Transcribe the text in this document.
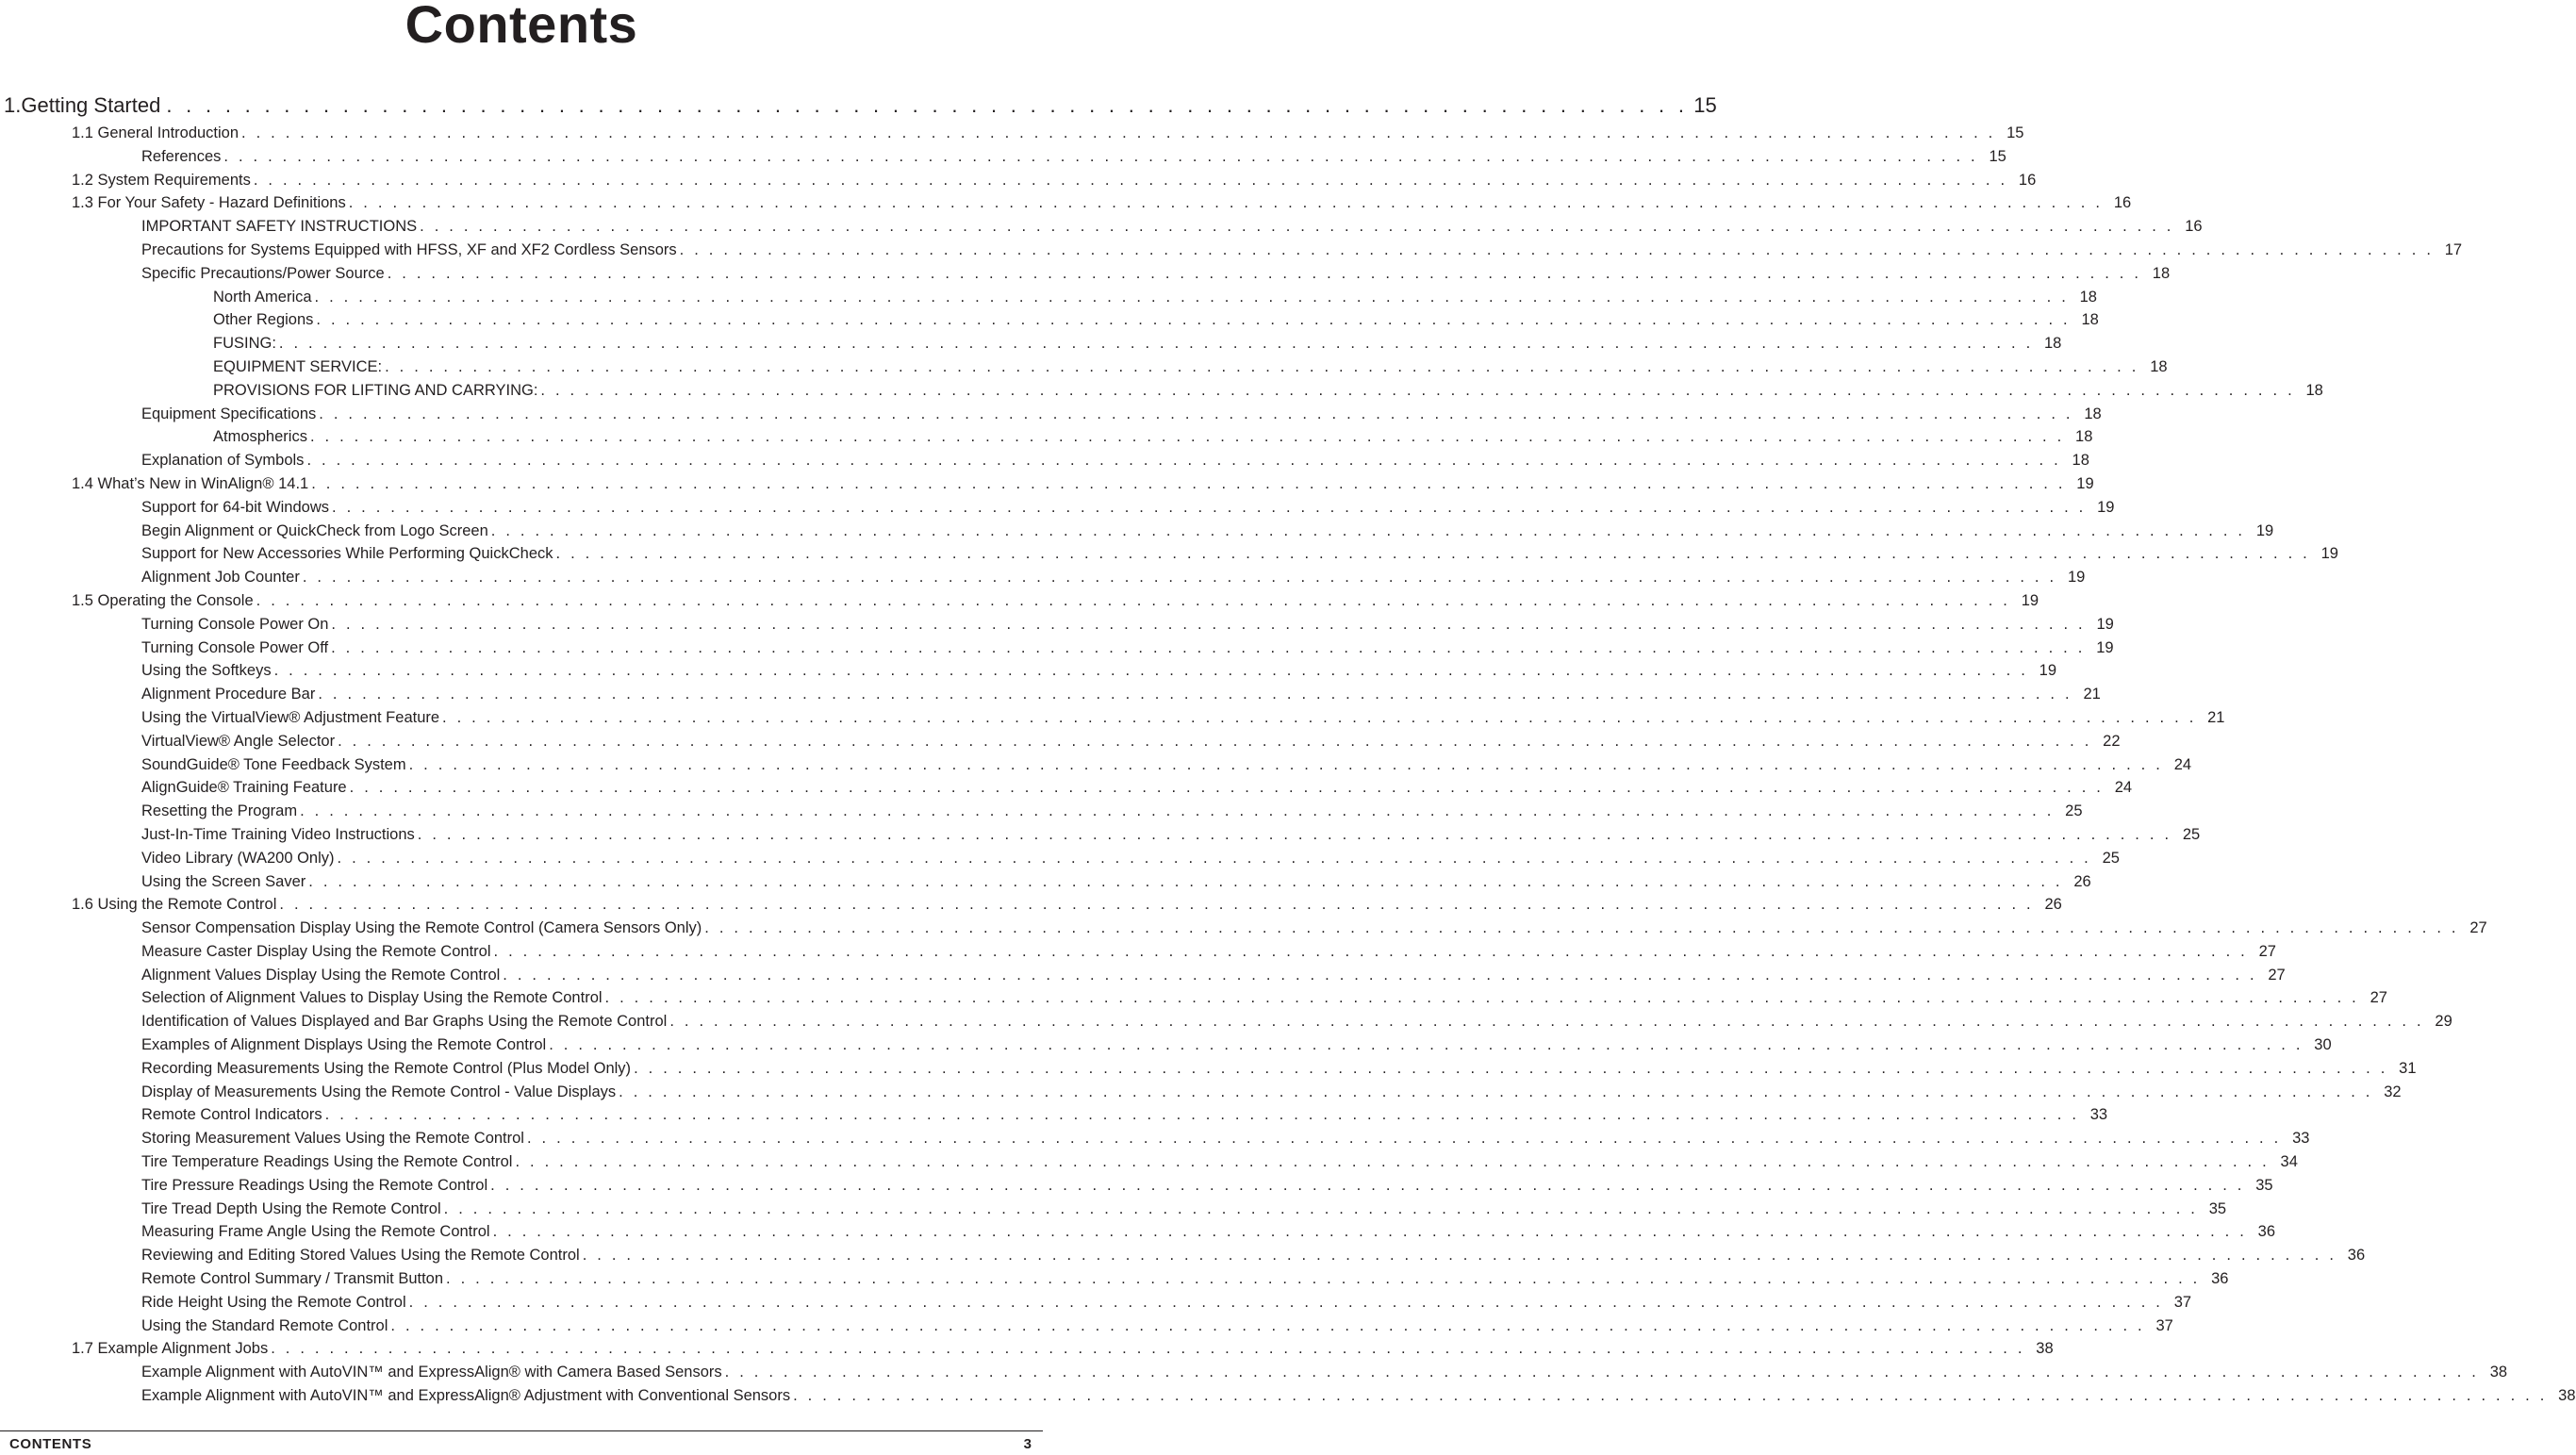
Contents
1. Getting Started . . . . . . . . . . . . . . . . . . . . . . . . . . . . . . . . . . . . . . . . . . . . . . . . . . . . . . . . . . . . . . . . . . . . . . . . . . . . . . 15
1.1 General Introduction . . . . . . . . . . . . . . . . . . . . . . . . . . . . . . . . . . . . . . . . . . . . . . . . . . . . . . . . . . . . . . . . . . . . . . . . . . . . . . . . . . . . . . . . . . . . . . . . . . . . . . . . . . . . . . . . . . . . . . . . 15
References . . . . . . . . . . . . . . . . . . . . . . . . . . . . . . . . . . . . . . . . . . . . . . . . . . . . . . . . . . . . . . . . . . . . . . . . . . . . . . . . . . . . . . . . . . . . . . . . . . . . . . . . . . . . . . . . . . . . . . . . 15
1.2 System Requirements . . . . . . . . . . . . . . . . . . . . . . . . . . . . . . . . . . . . . . . . . . . . . . . . . . . . . . . . . . . . . . . . . . . . . . . . . . . . . . . . . . . . . . . . . . . . . . . . . . . . . . . . . . . . . . . . . . . . . . . . 16
1.3 For Your Safety - Hazard Definitions . . . . . . . . . . . . . . . . . . . . . . . . . . . . . . . . . . . . . . . . . . . . . . . . . . . . . . . . . . . . . . . . . . . . . . . . . . . . . . . . . . . . . . . . . . . . . . . . . . . . . . . . . . . . . . . . . . . . . . . . 16
IMPORTANT SAFETY INSTRUCTIONS . . . . . . . . . . . . . . . . . . . . . . . . . . . . . . . . . . . . . . . . . . . . . . . . . . . . . . . . . . . . . . . . . . . . . . . . . . . . . . . . . . . . . . . . . . . . . . . . . . . . . . . . . . . . . . . . . . . . . . . . 16
Precautions for Systems Equipped with HFSS, XF and XF2 Cordless Sensors . . . . . . . . . . . . . . . . . . . . . . . . . . . . . . . . . . . . . . . . . . . . . . . . . . . . . . . . . . . . . . . . . . . . . . . . . . . . . . . . . . . . . . . . . . . . . . . . . . . . . . . . . . . . . . . . . . . . . . . . 17
Specific Precautions/Power Source . . . . . . . . . . . . . . . . . . . . . . . . . . . . . . . . . . . . . . . . . . . . . . . . . . . . . . . . . . . . . . . . . . . . . . . . . . . . . . . . . . . . . . . . . . . . . . . . . . . . . . . . . . . . . . . . . . . . . . . . 18
North America . . . . . . . . . . . . . . . . . . . . . . . . . . . . . . . . . . . . . . . . . . . . . . . . . . . . . . . . . . . . . . . . . . . . . . . . . . . . . . . . . . . . . . . . . . . . . . . . . . . . . . . . . . . . . . . . . . . . . . . . 18
Other Regions . . . . . . . . . . . . . . . . . . . . . . . . . . . . . . . . . . . . . . . . . . . . . . . . . . . . . . . . . . . . . . . . . . . . . . . . . . . . . . . . . . . . . . . . . . . . . . . . . . . . . . . . . . . . . . . . . . . . . . . . 18
FUSING: . . . . . . . . . . . . . . . . . . . . . . . . . . . . . . . . . . . . . . . . . . . . . . . . . . . . . . . . . . . . . . . . . . . . . . . . . . . . . . . . . . . . . . . . . . . . . . . . . . . . . . . . . . . . . . . . . . . . . . . . 18
EQUIPMENT SERVICE: . . . . . . . . . . . . . . . . . . . . . . . . . . . . . . . . . . . . . . . . . . . . . . . . . . . . . . . . . . . . . . . . . . . . . . . . . . . . . . . . . . . . . . . . . . . . . . . . . . . . . . . . . . . . . . . . . . . . . . . . 18
PROVISIONS FOR LIFTING AND CARRYING: . . . . . . . . . . . . . . . . . . . . . . . . . . . . . . . . . . . . . . . . . . . . . . . . . . . . . . . . . . . . . . . . . . . . . . . . . . . . . . . . . . . . . . . . . . . . . . . . . . . . . . . . . . . . . . . . . . . . . . . . 18
Equipment Specifications . . . . . . . . . . . . . . . . . . . . . . . . . . . . . . . . . . . . . . . . . . . . . . . . . . . . . . . . . . . . . . . . . . . . . . . . . . . . . . . . . . . . . . . . . . . . . . . . . . . . . . . . . . . . . . . . . . . . . . . . 18
Atmospherics . . . . . . . . . . . . . . . . . . . . . . . . . . . . . . . . . . . . . . . . . . . . . . . . . . . . . . . . . . . . . . . . . . . . . . . . . . . . . . . . . . . . . . . . . . . . . . . . . . . . . . . . . . . . . . . . . . . . . . . . 18
Explanation of Symbols . . . . . . . . . . . . . . . . . . . . . . . . . . . . . . . . . . . . . . . . . . . . . . . . . . . . . . . . . . . . . . . . . . . . . . . . . . . . . . . . . . . . . . . . . . . . . . . . . . . . . . . . . . . . . . . . . . . . . . . . 18
1.4 What’s New in WinAlign® 14.1 . . . . . . . . . . . . . . . . . . . . . . . . . . . . . . . . . . . . . . . . . . . . . . . . . . . . . . . . . . . . . . . . . . . . . . . . . . . . . . . . . . . . . . . . . . . . . . . . . . . . . . . . . . . . . . . . . . . . . . . . 19
Support for 64-bit Windows . . . . . . . . . . . . . . . . . . . . . . . . . . . . . . . . . . . . . . . . . . . . . . . . . . . . . . . . . . . . . . . . . . . . . . . . . . . . . . . . . . . . . . . . . . . . . . . . . . . . . . . . . . . . . . . . . . . . . . . . 19
Begin Alignment or QuickCheck from Logo Screen . . . . . . . . . . . . . . . . . . . . . . . . . . . . . . . . . . . . . . . . . . . . . . . . . . . . . . . . . . . . . . . . . . . . . . . . . . . . . . . . . . . . . . . . . . . . . . . . . . . . . . . . . . . . . . . . . . . . . . . . 19
Support for New Accessories While Performing QuickCheck . . . . . . . . . . . . . . . . . . . . . . . . . . . . . . . . . . . . . . . . . . . . . . . . . . . . . . . . . . . . . . . . . . . . . . . . . . . . . . . . . . . . . . . . . . . . . . . . . . . . . . . . . . . . . . . . . . . . . . . . 19
Alignment Job Counter . . . . . . . . . . . . . . . . . . . . . . . . . . . . . . . . . . . . . . . . . . . . . . . . . . . . . . . . . . . . . . . . . . . . . . . . . . . . . . . . . . . . . . . . . . . . . . . . . . . . . . . . . . . . . . . . . . . . . . . . 19
1.5 Operating the Console . . . . . . . . . . . . . . . . . . . . . . . . . . . . . . . . . . . . . . . . . . . . . . . . . . . . . . . . . . . . . . . . . . . . . . . . . . . . . . . . . . . . . . . . . . . . . . . . . . . . . . . . . . . . . . . . . . . . . . . . 19
Turning Console Power On . . . . . . . . . . . . . . . . . . . . . . . . . . . . . . . . . . . . . . . . . . . . . . . . . . . . . . . . . . . . . . . . . . . . . . . . . . . . . . . . . . . . . . . . . . . . . . . . . . . . . . . . . . . . . . . . . . . . . . . . 19
Turning Console Power Off . . . . . . . . . . . . . . . . . . . . . . . . . . . . . . . . . . . . . . . . . . . . . . . . . . . . . . . . . . . . . . . . . . . . . . . . . . . . . . . . . . . . . . . . . . . . . . . . . . . . . . . . . . . . . . . . . . . . . . . . 19
Using the Softkeys . . . . . . . . . . . . . . . . . . . . . . . . . . . . . . . . . . . . . . . . . . . . . . . . . . . . . . . . . . . . . . . . . . . . . . . . . . . . . . . . . . . . . . . . . . . . . . . . . . . . . . . . . . . . . . . . . . . . . . . . 19
Alignment Procedure Bar . . . . . . . . . . . . . . . . . . . . . . . . . . . . . . . . . . . . . . . . . . . . . . . . . . . . . . . . . . . . . . . . . . . . . . . . . . . . . . . . . . . . . . . . . . . . . . . . . . . . . . . . . . . . . . . . . . . . . . . . 21
Using the VirtualView® Adjustment Feature . . . . . . . . . . . . . . . . . . . . . . . . . . . . . . . . . . . . . . . . . . . . . . . . . . . . . . . . . . . . . . . . . . . . . . . . . . . . . . . . . . . . . . . . . . . . . . . . . . . . . . . . . . . . . . . . . . . . . . . . 21
VirtualView® Angle Selector . . . . . . . . . . . . . . . . . . . . . . . . . . . . . . . . . . . . . . . . . . . . . . . . . . . . . . . . . . . . . . . . . . . . . . . . . . . . . . . . . . . . . . . . . . . . . . . . . . . . . . . . . . . . . . . . . . . . . . . . 22
SoundGuide® Tone Feedback System . . . . . . . . . . . . . . . . . . . . . . . . . . . . . . . . . . . . . . . . . . . . . . . . . . . . . . . . . . . . . . . . . . . . . . . . . . . . . . . . . . . . . . . . . . . . . . . . . . . . . . . . . . . . . . . . . . . . . . . . 24
AlignGuide® Training Feature . . . . . . . . . . . . . . . . . . . . . . . . . . . . . . . . . . . . . . . . . . . . . . . . . . . . . . . . . . . . . . . . . . . . . . . . . . . . . . . . . . . . . . . . . . . . . . . . . . . . . . . . . . . . . . . . . . . . . . . . 24
Resetting the Program . . . . . . . . . . . . . . . . . . . . . . . . . . . . . . . . . . . . . . . . . . . . . . . . . . . . . . . . . . . . . . . . . . . . . . . . . . . . . . . . . . . . . . . . . . . . . . . . . . . . . . . . . . . . . . . . . . . . . . . . 25
Just-In-Time Training Video Instructions . . . . . . . . . . . . . . . . . . . . . . . . . . . . . . . . . . . . . . . . . . . . . . . . . . . . . . . . . . . . . . . . . . . . . . . . . . . . . . . . . . . . . . . . . . . . . . . . . . . . . . . . . . . . . . . . . . . . . . . . 25
Video Library (WA200 Only) . . . . . . . . . . . . . . . . . . . . . . . . . . . . . . . . . . . . . . . . . . . . . . . . . . . . . . . . . . . . . . . . . . . . . . . . . . . . . . . . . . . . . . . . . . . . . . . . . . . . . . . . . . . . . . . . . . . . . . . . 25
Using the Screen Saver . . . . . . . . . . . . . . . . . . . . . . . . . . . . . . . . . . . . . . . . . . . . . . . . . . . . . . . . . . . . . . . . . . . . . . . . . . . . . . . . . . . . . . . . . . . . . . . . . . . . . . . . . . . . . . . . . . . . . . . . 26
1.6 Using the Remote Control . . . . . . . . . . . . . . . . . . . . . . . . . . . . . . . . . . . . . . . . . . . . . . . . . . . . . . . . . . . . . . . . . . . . . . . . . . . . . . . . . . . . . . . . . . . . . . . . . . . . . . . . . . . . . . . . . . . . . . . . 26
Sensor Compensation Display Using the Remote Control (Camera Sensors Only) . . . . . . . . . . . . . . . . . . . . . . . . . . . . . . . . . . . . . . . . . . . . . . . . . . . . . . . . . . . . . . . . . . . . . . . . . . . . . . . . . . . . . . . . . . . . . . . . . . . . . . . . . . . . . . . . . . . . . . . . 27
Measure Caster Display Using the Remote Control . . . . . . . . . . . . . . . . . . . . . . . . . . . . . . . . . . . . . . . . . . . . . . . . . . . . . . . . . . . . . . . . . . . . . . . . . . . . . . . . . . . . . . . . . . . . . . . . . . . . . . . . . . . . . . . . . . . . . . . . 27
Alignment Values Display Using the Remote Control . . . . . . . . . . . . . . . . . . . . . . . . . . . . . . . . . . . . . . . . . . . . . . . . . . . . . . . . . . . . . . . . . . . . . . . . . . . . . . . . . . . . . . . . . . . . . . . . . . . . . . . . . . . . . . . . . . . . . . . . 27
Selection of Alignment Values to Display Using the Remote Control . . . . . . . . . . . . . . . . . . . . . . . . . . . . . . . . . . . . . . . . . . . . . . . . . . . . . . . . . . . . . . . . . . . . . . . . . . . . . . . . . . . . . . . . . . . . . . . . . . . . . . . . . . . . . . . . . . . . . . . . 27
Identification of Values Displayed and Bar Graphs Using the Remote Control . . . . . . . . . . . . . . . . . . . . . . . . . . . . . . . . . . . . . . . . . . . . . . . . . . . . . . . . . . . . . . . . . . . . . . . . . . . . . . . . . . . . . . . . . . . . . . . . . . . . . . . . . . . . . . . . . . . . . . . . 29
Examples of Alignment Displays Using the Remote Control . . . . . . . . . . . . . . . . . . . . . . . . . . . . . . . . . . . . . . . . . . . . . . . . . . . . . . . . . . . . . . . . . . . . . . . . . . . . . . . . . . . . . . . . . . . . . . . . . . . . . . . . . . . . . . . . . . . . . . . . 30
Recording Measurements Using the Remote Control (Plus Model Only) . . . . . . . . . . . . . . . . . . . . . . . . . . . . . . . . . . . . . . . . . . . . . . . . . . . . . . . . . . . . . . . . . . . . . . . . . . . . . . . . . . . . . . . . . . . . . . . . . . . . . . . . . . . . . . . . . . . . . . . . 31
Display of Measurements Using the Remote Control - Value Displays . . . . . . . . . . . . . . . . . . . . . . . . . . . . . . . . . . . . . . . . . . . . . . . . . . . . . . . . . . . . . . . . . . . . . . . . . . . . . . . . . . . . . . . . . . . . . . . . . . . . . . . . . . . . . . . . . . . . . . . . 32
Remote Control Indicators . . . . . . . . . . . . . . . . . . . . . . . . . . . . . . . . . . . . . . . . . . . . . . . . . . . . . . . . . . . . . . . . . . . . . . . . . . . . . . . . . . . . . . . . . . . . . . . . . . . . . . . . . . . . . . . . . . . . . . . . 33
Storing Measurement Values Using the Remote Control . . . . . . . . . . . . . . . . . . . . . . . . . . . . . . . . . . . . . . . . . . . . . . . . . . . . . . . . . . . . . . . . . . . . . . . . . . . . . . . . . . . . . . . . . . . . . . . . . . . . . . . . . . . . . . . . . . . . . . . . 33
Tire Temperature Readings Using the Remote Control . . . . . . . . . . . . . . . . . . . . . . . . . . . . . . . . . . . . . . . . . . . . . . . . . . . . . . . . . . . . . . . . . . . . . . . . . . . . . . . . . . . . . . . . . . . . . . . . . . . . . . . . . . . . . . . . . . . . . . . . 34
Tire Pressure Readings Using the Remote Control . . . . . . . . . . . . . . . . . . . . . . . . . . . . . . . . . . . . . . . . . . . . . . . . . . . . . . . . . . . . . . . . . . . . . . . . . . . . . . . . . . . . . . . . . . . . . . . . . . . . . . . . . . . . . . . . . . . . . . . . 35
Tire Tread Depth Using the Remote Control . . . . . . . . . . . . . . . . . . . . . . . . . . . . . . . . . . . . . . . . . . . . . . . . . . . . . . . . . . . . . . . . . . . . . . . . . . . . . . . . . . . . . . . . . . . . . . . . . . . . . . . . . . . . . . . . . . . . . . . . 35
Measuring Frame Angle Using the Remote Control . . . . . . . . . . . . . . . . . . . . . . . . . . . . . . . . . . . . . . . . . . . . . . . . . . . . . . . . . . . . . . . . . . . . . . . . . . . . . . . . . . . . . . . . . . . . . . . . . . . . . . . . . . . . . . . . . . . . . . . . 36
Reviewing and Editing Stored Values Using the Remote Control . . . . . . . . . . . . . . . . . . . . . . . . . . . . . . . . . . . . . . . . . . . . . . . . . . . . . . . . . . . . . . . . . . . . . . . . . . . . . . . . . . . . . . . . . . . . . . . . . . . . . . . . . . . . . . . . . . . . . . . . 36
Remote Control Summary / Transmit Button . . . . . . . . . . . . . . . . . . . . . . . . . . . . . . . . . . . . . . . . . . . . . . . . . . . . . . . . . . . . . . . . . . . . . . . . . . . . . . . . . . . . . . . . . . . . . . . . . . . . . . . . . . . . . . . . . . . . . . . . 36
Ride Height Using the Remote Control . . . . . . . . . . . . . . . . . . . . . . . . . . . . . . . . . . . . . . . . . . . . . . . . . . . . . . . . . . . . . . . . . . . . . . . . . . . . . . . . . . . . . . . . . . . . . . . . . . . . . . . . . . . . . . . . . . . . . . . . 37
Using the Standard Remote Control . . . . . . . . . . . . . . . . . . . . . . . . . . . . . . . . . . . . . . . . . . . . . . . . . . . . . . . . . . . . . . . . . . . . . . . . . . . . . . . . . . . . . . . . . . . . . . . . . . . . . . . . . . . . . . . . . . . . . . . . 37
1.7 Example Alignment Jobs . . . . . . . . . . . . . . . . . . . . . . . . . . . . . . . . . . . . . . . . . . . . . . . . . . . . . . . . . . . . . . . . . . . . . . . . . . . . . . . . . . . . . . . . . . . . . . . . . . . . . . . . . . . . . . . . . . . . . . . . 38
Example Alignment with AutoVIN™ and ExpressAlign® with Camera Based Sensors . . . . . . . . . . . . . . . . . . . . . . . . . . . . . . . . . . . . . . . . . . . . . . . . . . . . . . . . . . . . . . . . . . . . . . . . . . . . . . . . . . . . . . . . . . . . . . . . . . . . . . . . . . . . . . . . . . . . . . . . 38
Example Alignment with AutoVIN™ and ExpressAlign® Adjustment with Conventional Sensors . . . . . . . . . . . . . . . . . . . . . . . . . . . . . . . . . . . . . . . . . . . . . . . . . . . . . . . . . . . . . . . . . . . . . . . . . . . . . . . . . . . . . . . . . . . . . . . . . . . . . . . . . . . . . . . . . . . . . . . . 38
CONTENTS	3
